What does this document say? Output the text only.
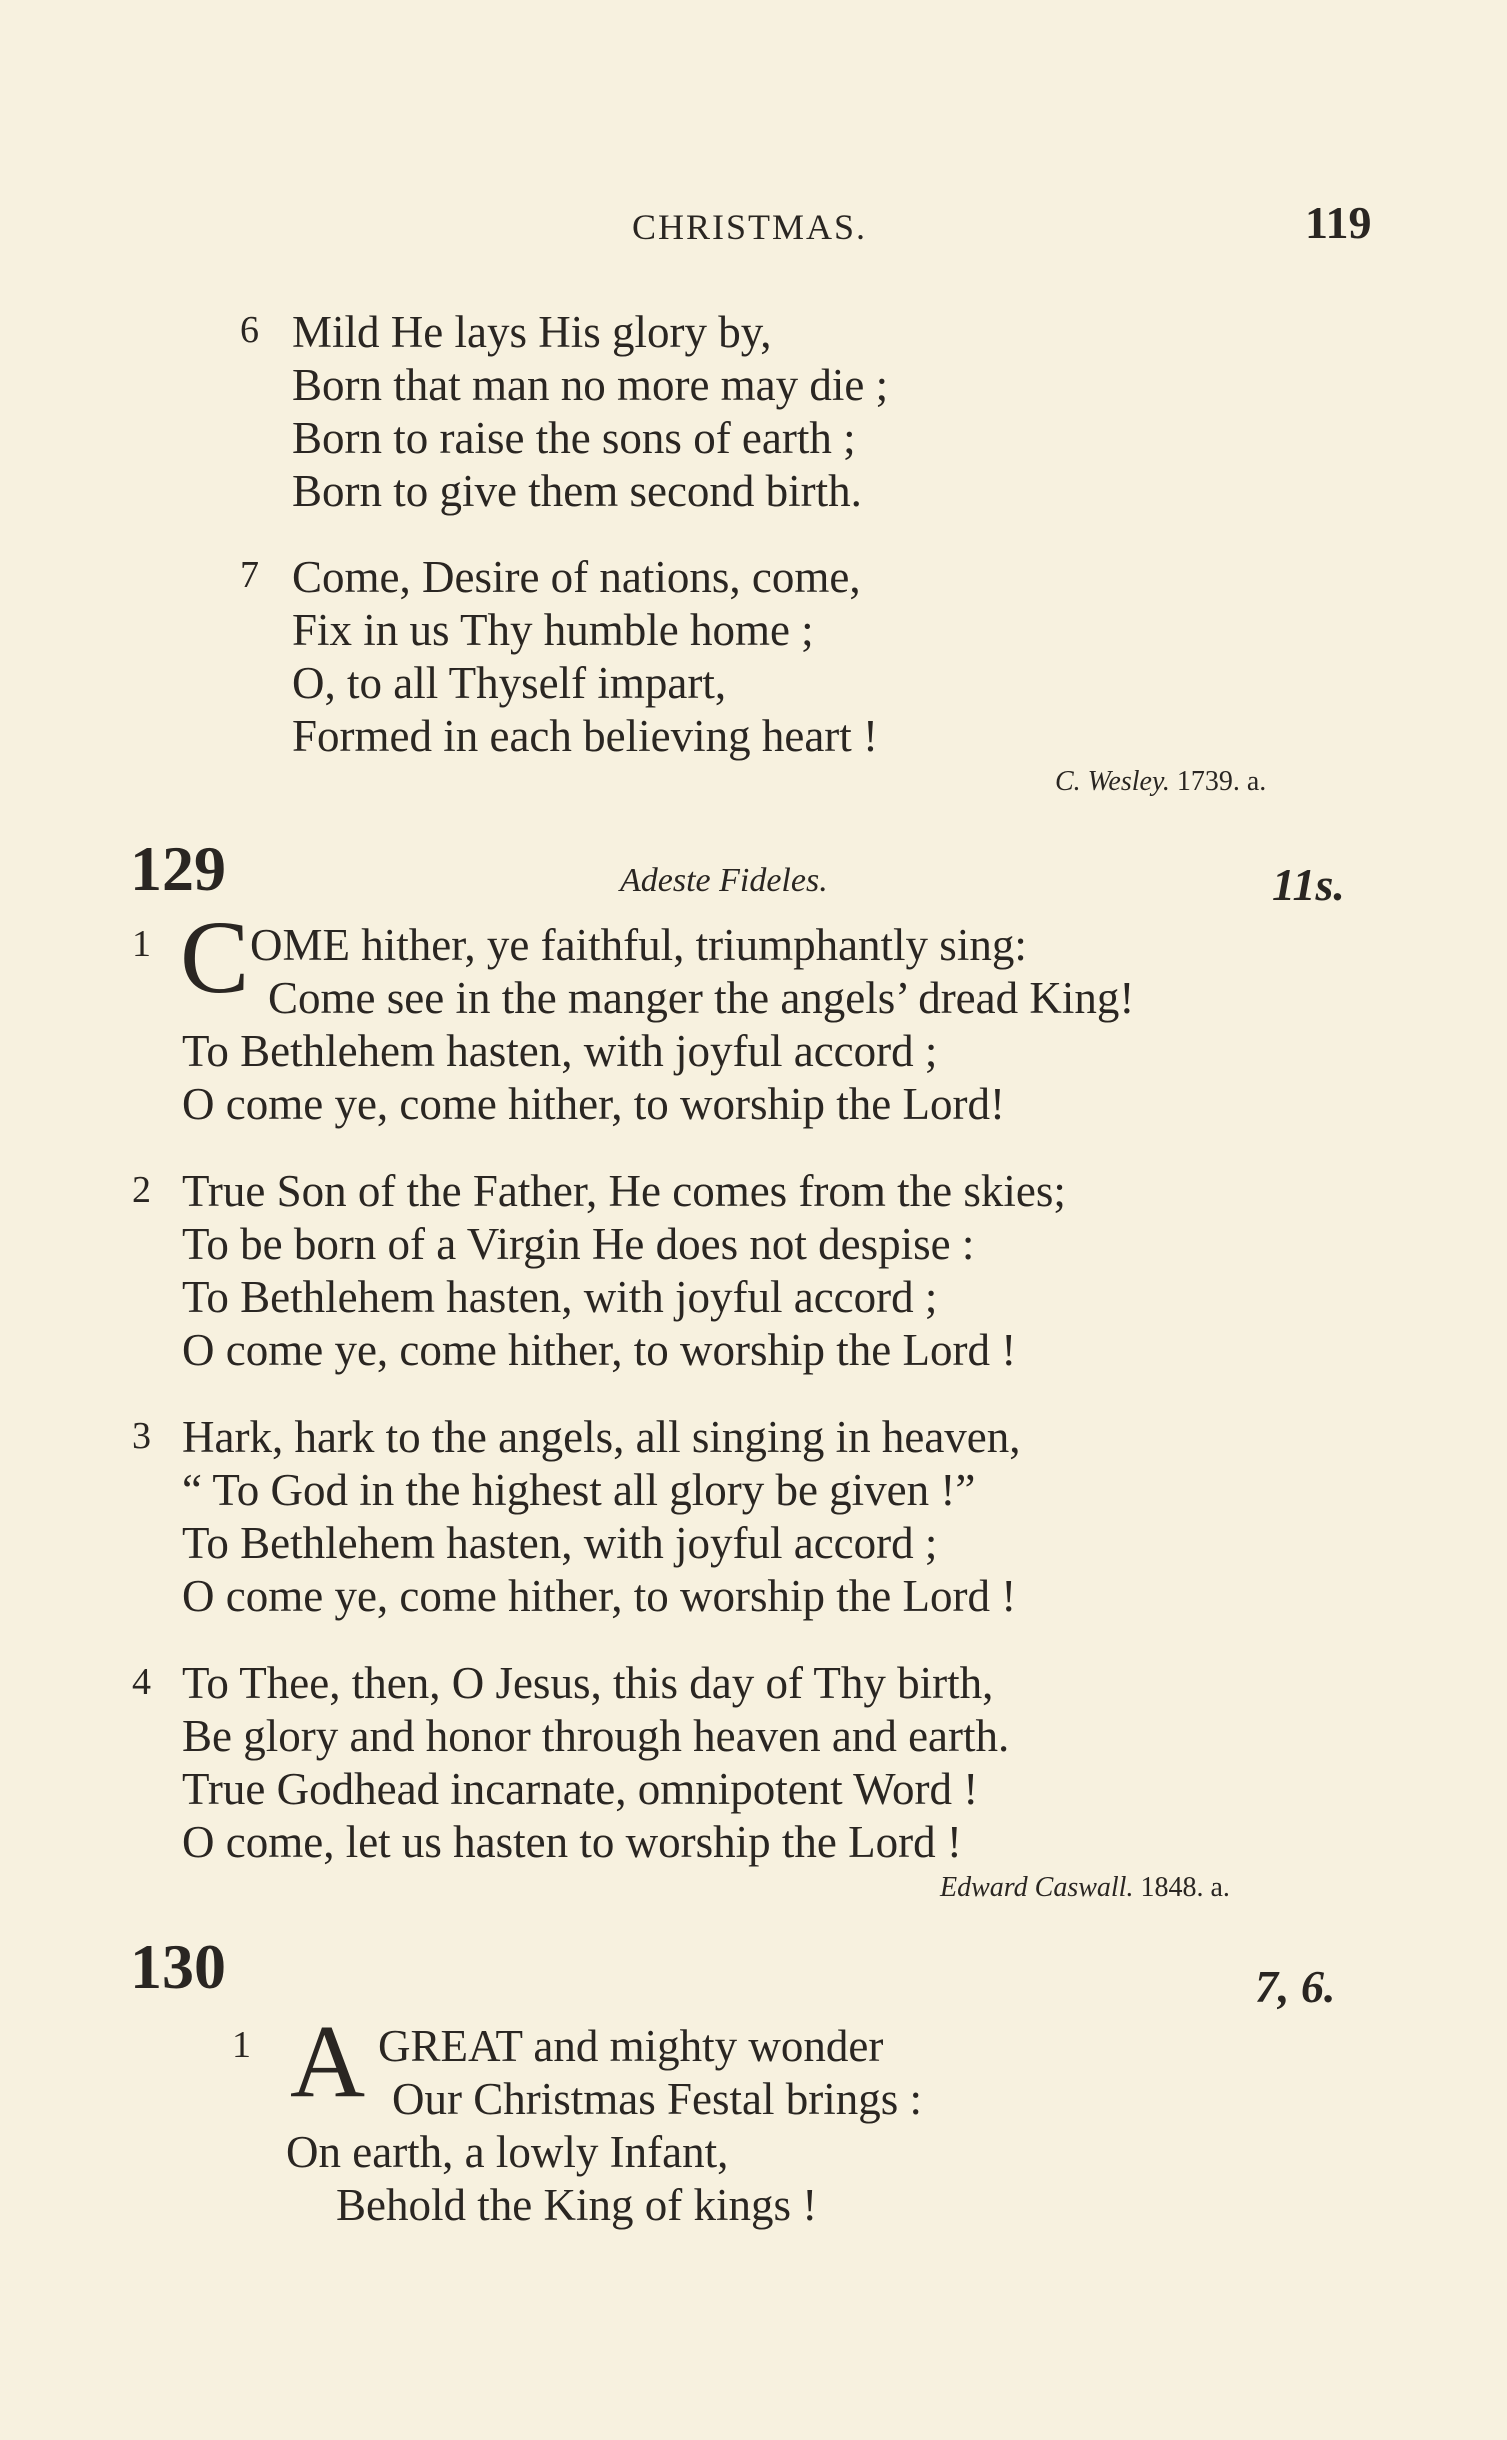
CHRISTMAS.	119
6 Mild He lays His glory by,
Born that man no more may die ;
Born to raise the sons of earth ;
Born to give them second birth.
7 Come, Desire of nations, come,
Fix in us Thy humble home ;
O, to all Thyself impart,
Formed in each believing heart !
C. Wesley. 1739. a.
129	Adeste Fideles.	11s.
1 C OME hither, ye faithful, triumphantly sing:
Come see in the manger the angels’ dread King!
To Bethlehem hasten, with joyful accord ;
O come ye, come hither, to worship the Lord!
2 True Son of the Father, He comes from the skies;
To be born of a Virgin He does not despise :
To Bethlehem hasten, with joyful accord ;
O come ye, come hither, to worship the Lord !
3 Hark, hark to the angels, all singing in heaven,
“ To God in the highest all glory be given !”
To Bethlehem hasten, with joyful accord ;
O come ye, come hither, to worship the Lord !
4 To Thee, then, O Jesus, this day of Thy birth,
Be glory and honor through heaven and earth.
True Godhead incarnate, omnipotent Word !
O come, let us hasten to worship the Lord !
Edward Caswall. 1848. a.
130	7, 6.
1 A GREAT and mighty wonder
Our Christmas Festal brings :
On earth, a lowly Infant,
Behold the King of kings !
